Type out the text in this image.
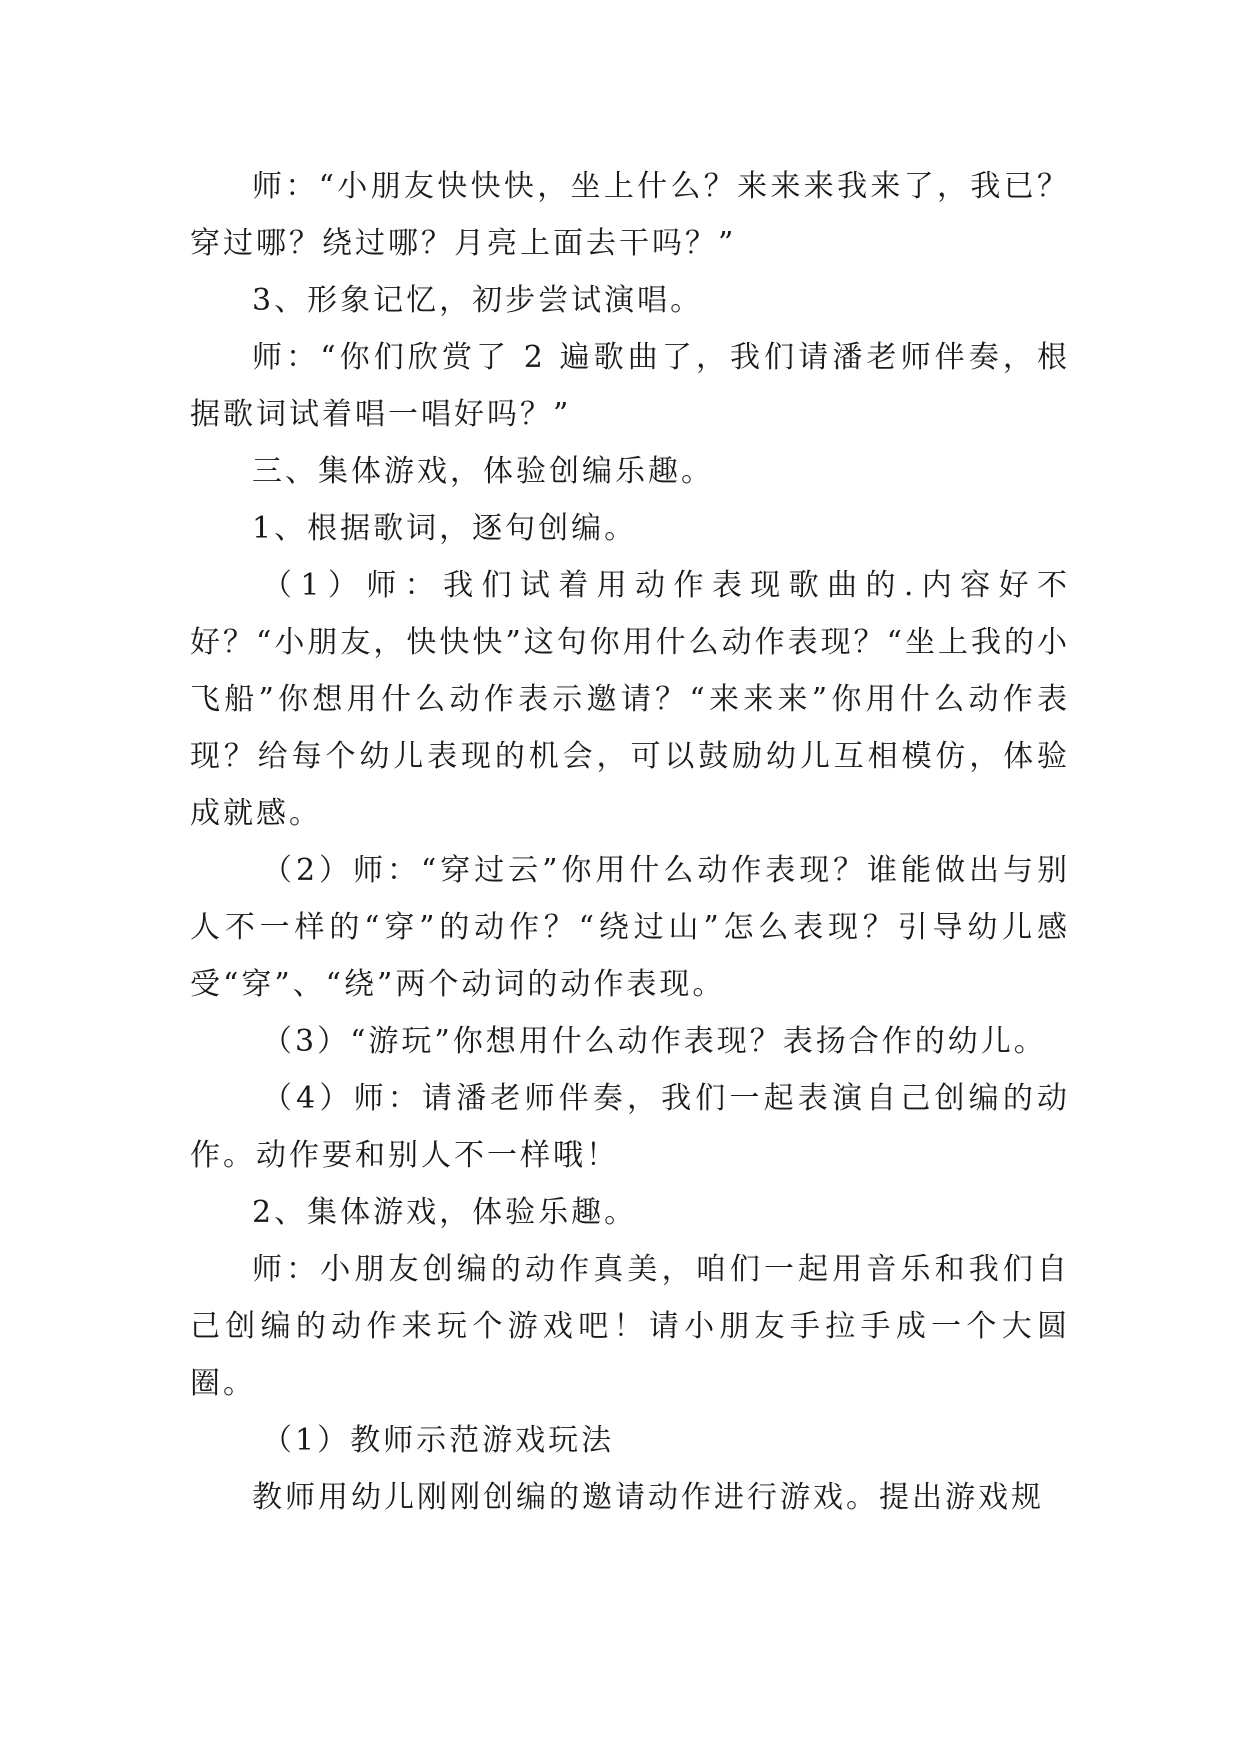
师：“小朋友快快快，坐上什么？来来来我来了，我已？穿过哪？绕过哪？月亮上面去干吗？”

3、形象记忆，初步尝试演唱。

师：“你们欣赏了 2 遍歌曲了，我们请潘老师伴奏，根据歌词试着唱一唱好吗？”

三、集体游戏，体验创编乐趣。

1、根据歌词，逐句创编。

（1）师：我们试着用动作表现歌曲的.内容好不好？“小朋友，快快快”这句你用什么动作表现？“坐上我的小飞船”你想用什么动作表示邀请？“来来来”你用什么动作表现？给每个幼儿表现的机会，可以鼓励幼儿互相模仿，体验成就感。

（2）师：“穿过云”你用什么动作表现？谁能做出与别人不一样的“穿”的动作？“绕过山”怎么表现？引导幼儿感受“穿”、“绕”两个动词的动作表现。

（3）“游玩”你想用什么动作表现？表扬合作的幼儿。

（4）师：请潘老师伴奏，我们一起表演自己创编的动作。动作要和别人不一样哦！

2、集体游戏，体验乐趣。

师：小朋友创编的动作真美，咱们一起用音乐和我们自己创编的动作来玩个游戏吧！请小朋友手拉手成一个大圆圈。

（1）教师示范游戏玩法

教师用幼儿刚刚创编的邀请动作进行游戏。提出游戏规
